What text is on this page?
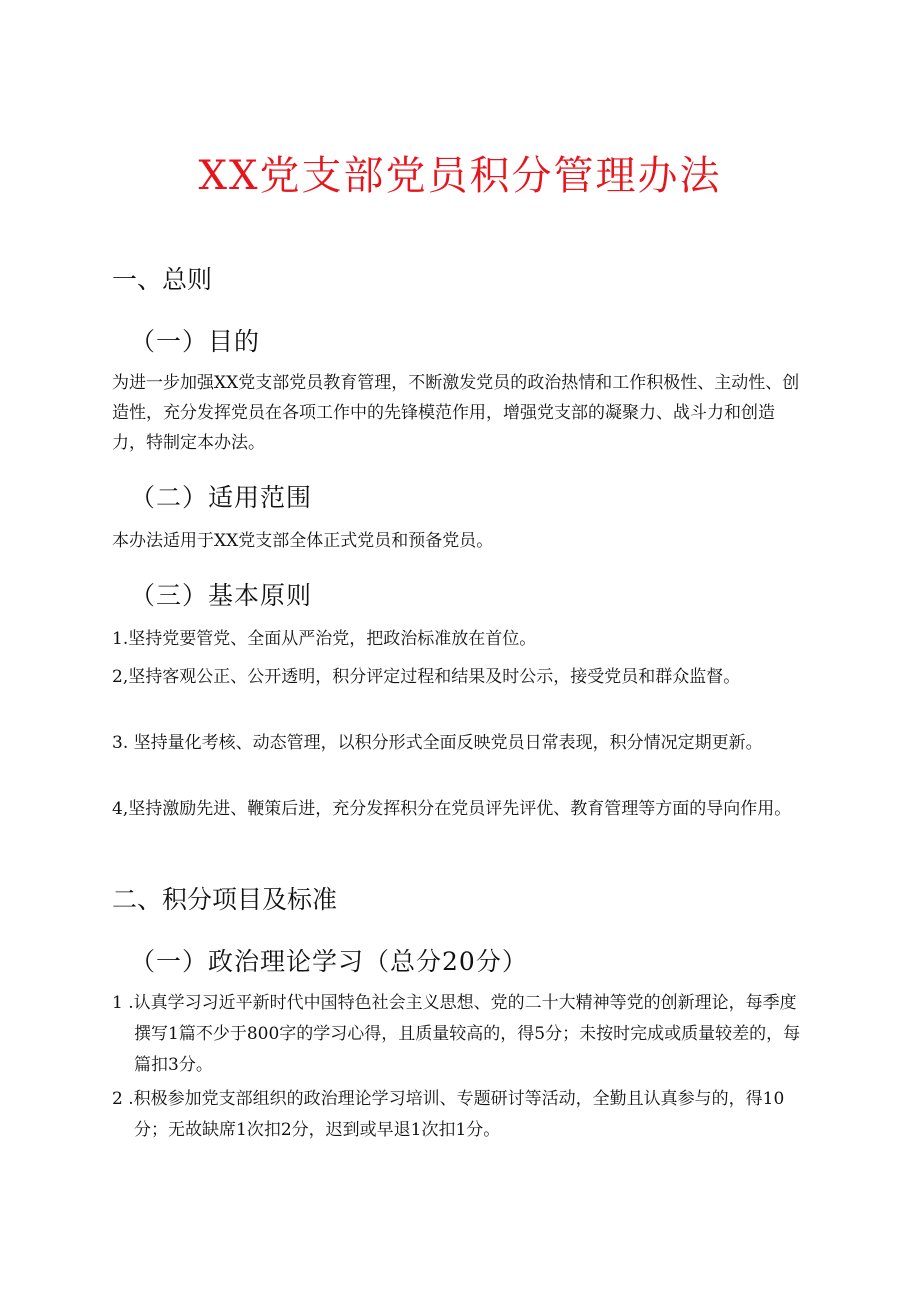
XX党支部党员积分管理办法
一、总则
（一）目的

为进一步加强XX党支部党员教育管理，不断激发党员的政治热情和工作积极性、主动性、创造性，充分发挥党员在各项工作中的先锋模范作用，增强党支部的凝聚力、战斗力和创造力，特制定本办法。

（二）适用范围

本办法适用于XX党支部全体正式党员和预备党员。

（三）基本原则

1.坚持党要管党、全面从严治党，把政治标准放在首位。

2,坚持客观公正、公开透明，积分评定过程和结果及时公示，接受党员和群众监督。

3. 坚持量化考核、动态管理，以积分形式全面反映党员日常表现，积分情况定期更新。

4,坚持激励先进、鞭策后进，充分发挥积分在党员评先评优、教育管理等方面的导向作用。

二、积分项目及标准
（一）政治理论学习（总分20分）

1 .认真学习习近平新时代中国特色社会主义思想、党的二十大精神等党的创新理论，每季度撰写1篇不少于800字的学习心得，且质量较高的，得5分；未按时完成或质量较差的，每篇扣3分。

2 .积极参加党支部组织的政治理论学习培训、专题研讨等活动，全勤且认真参与的，得10分；无故缺席1次扣2分，迟到或早退1次扣1分。
